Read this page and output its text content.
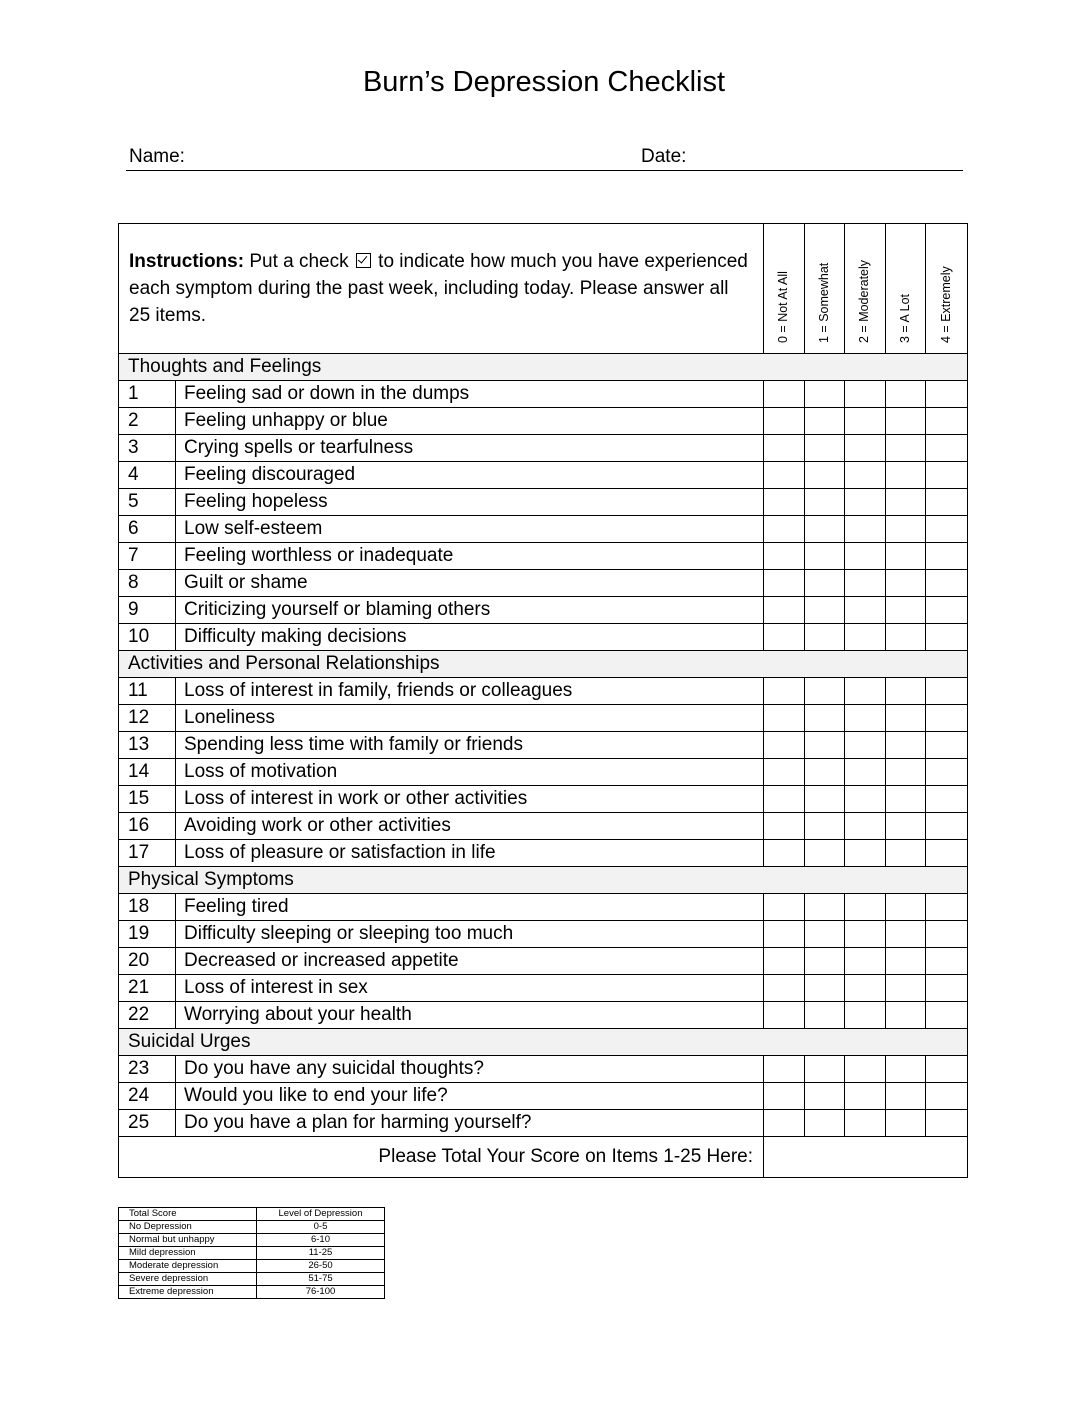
Burn’s Depression Checklist
Name:	Date:
Instructions: Put a check  to indicate how much you have experienced each symptom during the past week, including today. Please answer all 25 items.		0 = Not At All	1 = Somewhat	2 = Moderately	3 = A Lot	4 = Extremely

Thoughts and Feelings						
1	Feeling sad or down in the dumps					
2	Feeling unhappy or blue					
3	Crying spells or tearfulness					
4	Feeling discouraged					
5	Feeling hopeless					
6	Low self-esteem					
7	Feeling worthless or inadequate					
8	Guilt or shame					
9	Criticizing yourself or blaming others					
10	Difficulty making decisions					
Activities and Personal Relationships						
11	Loss of interest in family, friends or colleagues					
12	Loneliness					
13	Spending less time with family or friends					
14	Loss of motivation					
15	Loss of interest in work or other activities					
16	Avoiding work or other activities					
17	Loss of pleasure or satisfaction in life					
Physical Symptoms						
18	Feeling tired					
19	Difficulty sleeping or sleeping too much					
20	Decreased or increased appetite					
21	Loss of interest in sex					
22	Worrying about your health					
Suicidal Urges						
23	Do you have any suicidal thoughts?					
24	Would you like to end your life?					
25	Do you have a plan for harming yourself?					
Please Total Your Score on Items 1-25 Here:						
Total Score	Level of Depression
No Depression	0-5
Normal but unhappy	6-10
Mild depression	11-25
Moderate depression	26-50
Severe depression	51-75
Extreme depression	76-100
